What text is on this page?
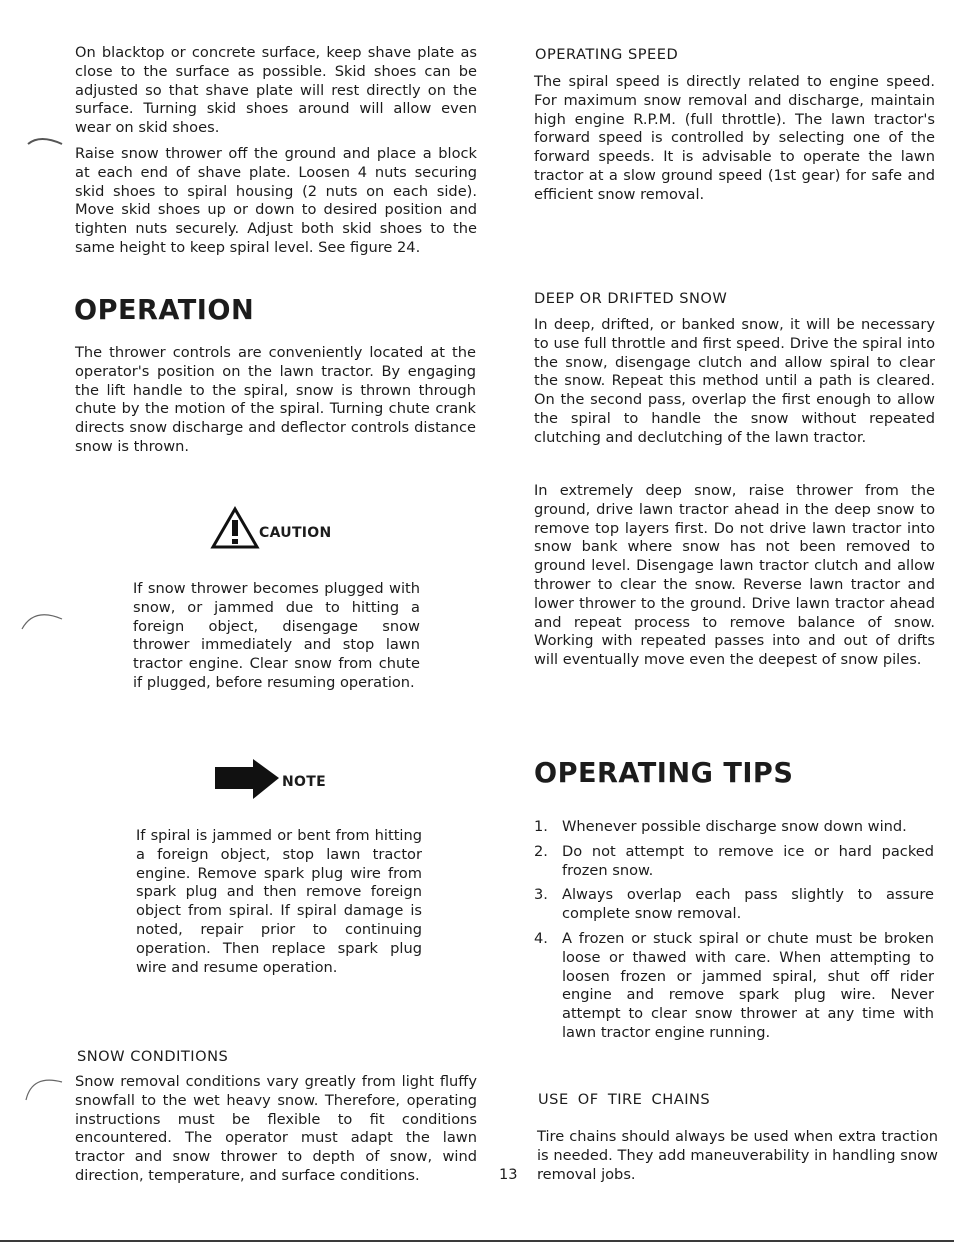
On blacktop or concrete surface, keep shave plate as close to the surface as possible. Skid shoes can be adjusted so that shave plate will rest directly on the surface. Turning skid shoes around will allow even wear on skid shoes.

Raise snow thrower off the ground and place a block at each end of shave plate. Loosen 4 nuts securing skid shoes to spiral housing (2 nuts on each side). Move skid shoes up or down to desired position and tighten nuts securely. Adjust both skid shoes to the same height to keep spiral level. See figure 24.

OPERATION

The thrower controls are conveniently located at the operator's position on the lawn tractor. By engaging the lift handle to the spiral, snow is thrown through chute by the motion of the spiral. Turning chute crank directs snow discharge and deflector controls distance snow is thrown.

CAUTION

If snow thrower becomes plugged with snow, or jammed due to hitting a foreign object, disengage snow thrower immediately and stop lawn tractor engine. Clear snow from chute if plugged, before resuming operation.

NOTE

If spiral is jammed or bent from hitting a foreign object, stop lawn tractor engine. Remove spark plug wire from spark plug and then remove foreign object from spiral. If spiral damage is noted, repair prior to continuing operation. Then replace spark plug wire and resume operation.

SNOW CONDITIONS

Snow removal conditions vary greatly from light fluffy snowfall to the wet heavy snow. Therefore, operating instructions must be flexible to fit conditions encountered. The operator must adapt the lawn tractor and snow thrower to depth of snow, wind direction, temperature, and surface conditions.

OPERATING SPEED

The spiral speed is directly related to engine speed. For maximum snow removal and discharge, maintain high engine R.P.M. (full throttle). The lawn tractor's forward speed is controlled by selecting one of the forward speeds. It is advisable to operate the lawn tractor at a slow ground speed (1st gear) for safe and efficient snow removal.

DEEP OR DRIFTED SNOW

In deep, drifted, or banked snow, it will be necessary to use full throttle and first speed. Drive the spiral into the snow, disengage clutch and allow spiral to clear the snow. Repeat this method until a path is cleared. On the second pass, overlap the first enough to allow the spiral to handle the snow without repeated clutching and declutching of the lawn tractor.

In extremely deep snow, raise thrower from the ground, drive lawn tractor ahead in the deep snow to remove top layers first. Do not drive lawn tractor into snow bank where snow has not been removed to ground level. Disengage lawn tractor clutch and allow thrower to clear the snow. Reverse lawn tractor and lower thrower to the ground. Drive lawn tractor ahead and repeat process to remove balance of snow. Working with repeated passes into and out of drifts will eventually move even the deepest of snow piles.

OPERATING TIPS
1. Whenever possible discharge snow down wind.
2. Do not attempt to remove ice or hard packed frozen snow.
3. Always overlap each pass slightly to assure complete snow removal.
4. A frozen or stuck spiral or chute must be broken loose or thawed with care. When attempting to loosen frozen or jammed spiral, shut off rider engine and remove spark plug wire. Never attempt to clear snow thrower at any time with lawn tractor engine running.
USE OF TIRE CHAINS

Tire chains should always be used when extra traction is needed. They add maneuverability in handling snow removal jobs.

13
